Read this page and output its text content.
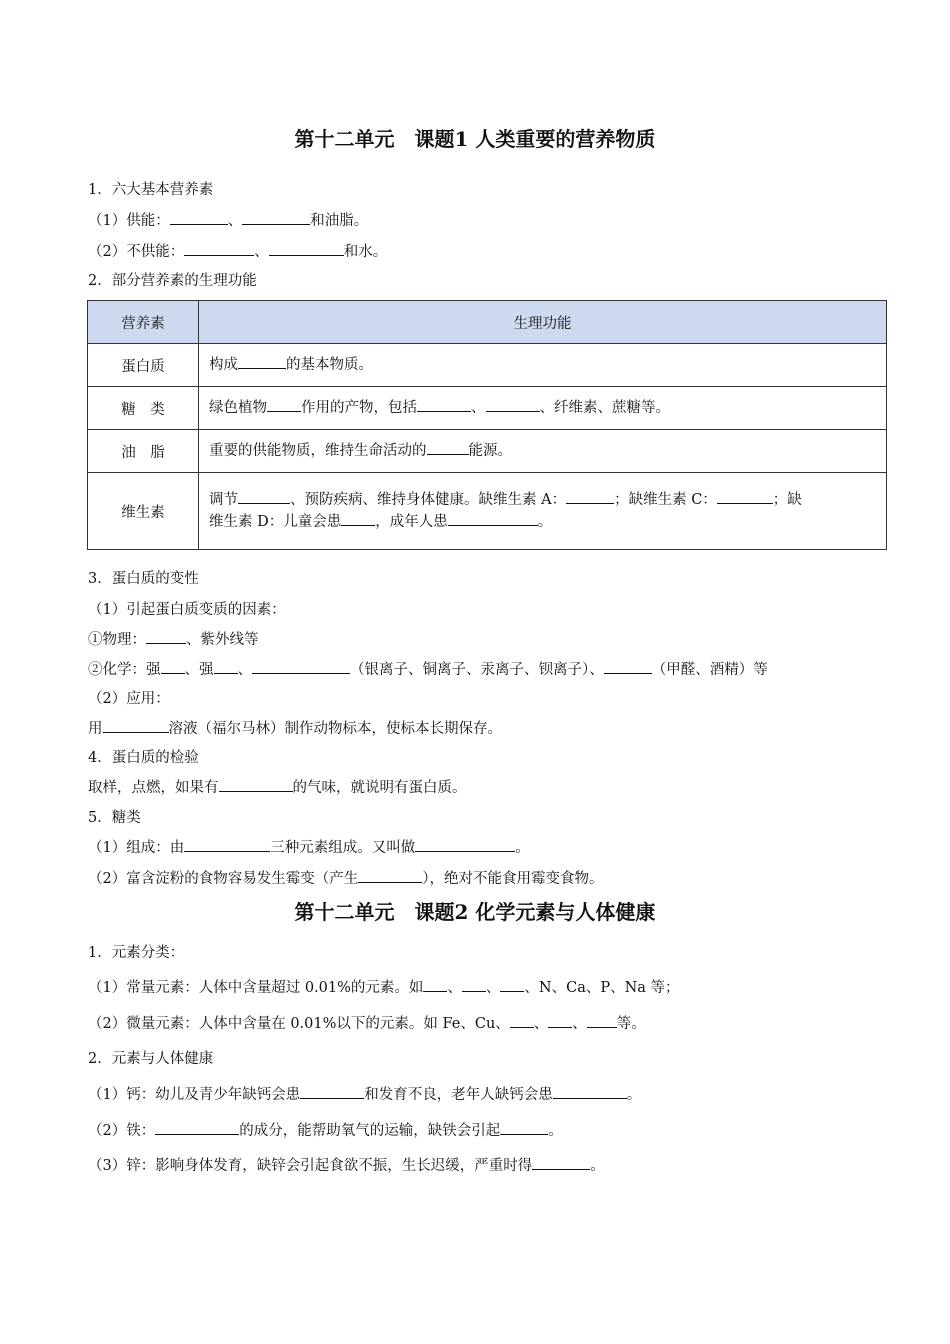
第十二单元　 课题1 人类重要的营养物质
1．六大基本营养素
（1）供能：	、	和油脂。
（2）不供能：	、	和水。
2．部分营养素的生理功能
营养素	生理功能
蛋白质	构成 的基本物质。
糖　类	绿色植物 作用的产物，包括 、 、纤维素、蔗糖等。
油　脂	重要的供能物质，维持生命活动的 能源。
维生素	调节 、预防疾病、维持身体健康。缺维生素 A： ；缺维生素 C： ；缺
维生素 D：儿童会患 ，成年人患 。
3．蛋白质的变性
（1）引起蛋白质变质的因素：
①物理：	、紫外线等
②化学：强 、强 、	（银离子、铜离子、汞离子、钡离子）、	（甲醛、酒精）等
（2）应用：
用	溶液（福尔马林）制作动物标本，使标本长期保存。
4．蛋白质的检验
取样，点燃，如果有	的气味，就说明有蛋白质。
5．糖类
（1）组成：由	三种元素组成。又叫做	。
（2）富含淀粉的食物容易发生霉变（产生	），绝对不能食用霉变食物。
第十二单元　 课题2 化学元素与人体健康
1．元素分类：
（1）常量元素：人体中含量超过 0.01%的元素。如 、 、 、N、Ca、P、Na 等；
（2）微量元素：人体中含量在 0.01%以下的元素。如 Fe、Cu、 、 、 等。
2．元素与人体健康
（1）钙：幼儿及青少年缺钙会患	和发育不良，老年人缺钙会患	。
（2）铁：	的成分，能帮助氧气的运输，缺铁会引起	。
（3）锌：影响身体发育，缺锌会引起食欲不振，生长迟缓，严重时得	。
